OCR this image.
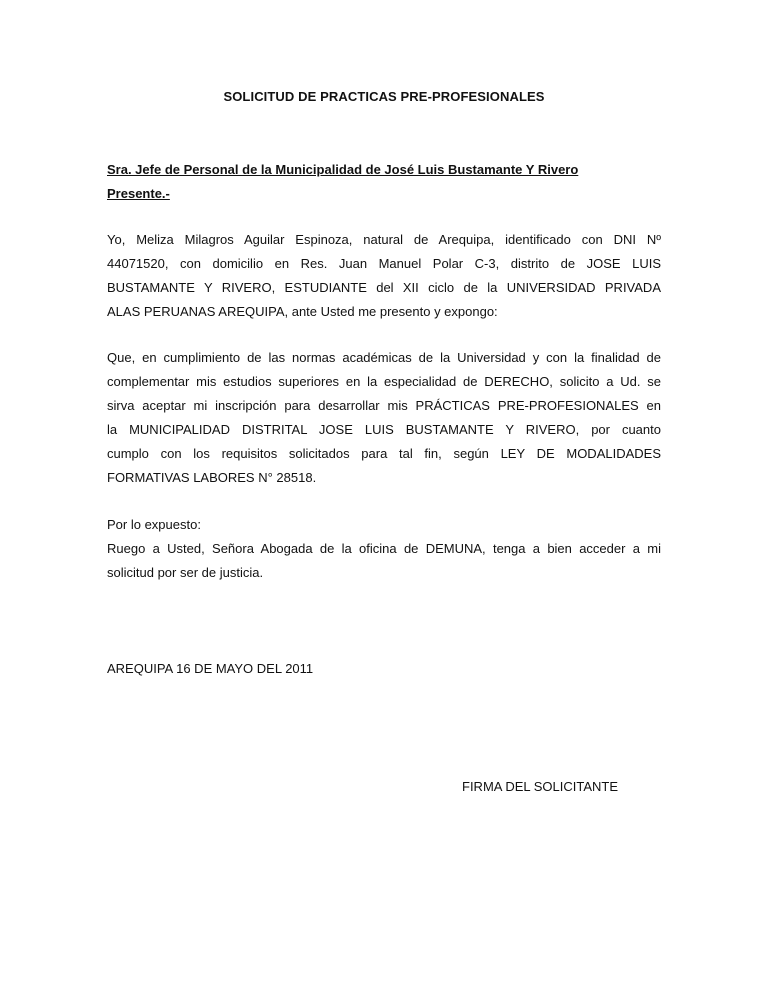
SOLICITUD DE PRACTICAS PRE-PROFESIONALES
Sra. Jefe de Personal de la Municipalidad de José Luis Bustamante Y Rivero
Presente.-
Yo, Meliza Milagros Aguilar Espinoza, natural de Arequipa, identificado con DNI Nº
44071520, con domicilio en Res. Juan Manuel Polar C-3, distrito de JOSE LUIS
BUSTAMANTE Y RIVERO, ESTUDIANTE del XII ciclo de la UNIVERSIDAD PRIVADA
ALAS PERUANAS AREQUIPA, ante Usted me presento y expongo:
Que, en cumplimiento de las normas académicas de la Universidad y con la finalidad de
complementar mis estudios superiores en la especialidad de DERECHO, solicito a Ud. se
sirva aceptar mi inscripción para desarrollar mis PRÁCTICAS PRE-PROFESIONALES en
la MUNICIPALIDAD DISTRITAL JOSE LUIS BUSTAMANTE Y RIVERO, por cuanto
cumplo con los requisitos solicitados para tal fin, según LEY DE MODALIDADES
FORMATIVAS LABORES N° 28518.
Por lo expuesto:
Ruego a Usted, Señora Abogada de la oficina de DEMUNA, tenga a bien acceder a mi
solicitud por ser de justicia.
AREQUIPA 16 DE MAYO DEL 2011
FIRMA DEL SOLICITANTE
